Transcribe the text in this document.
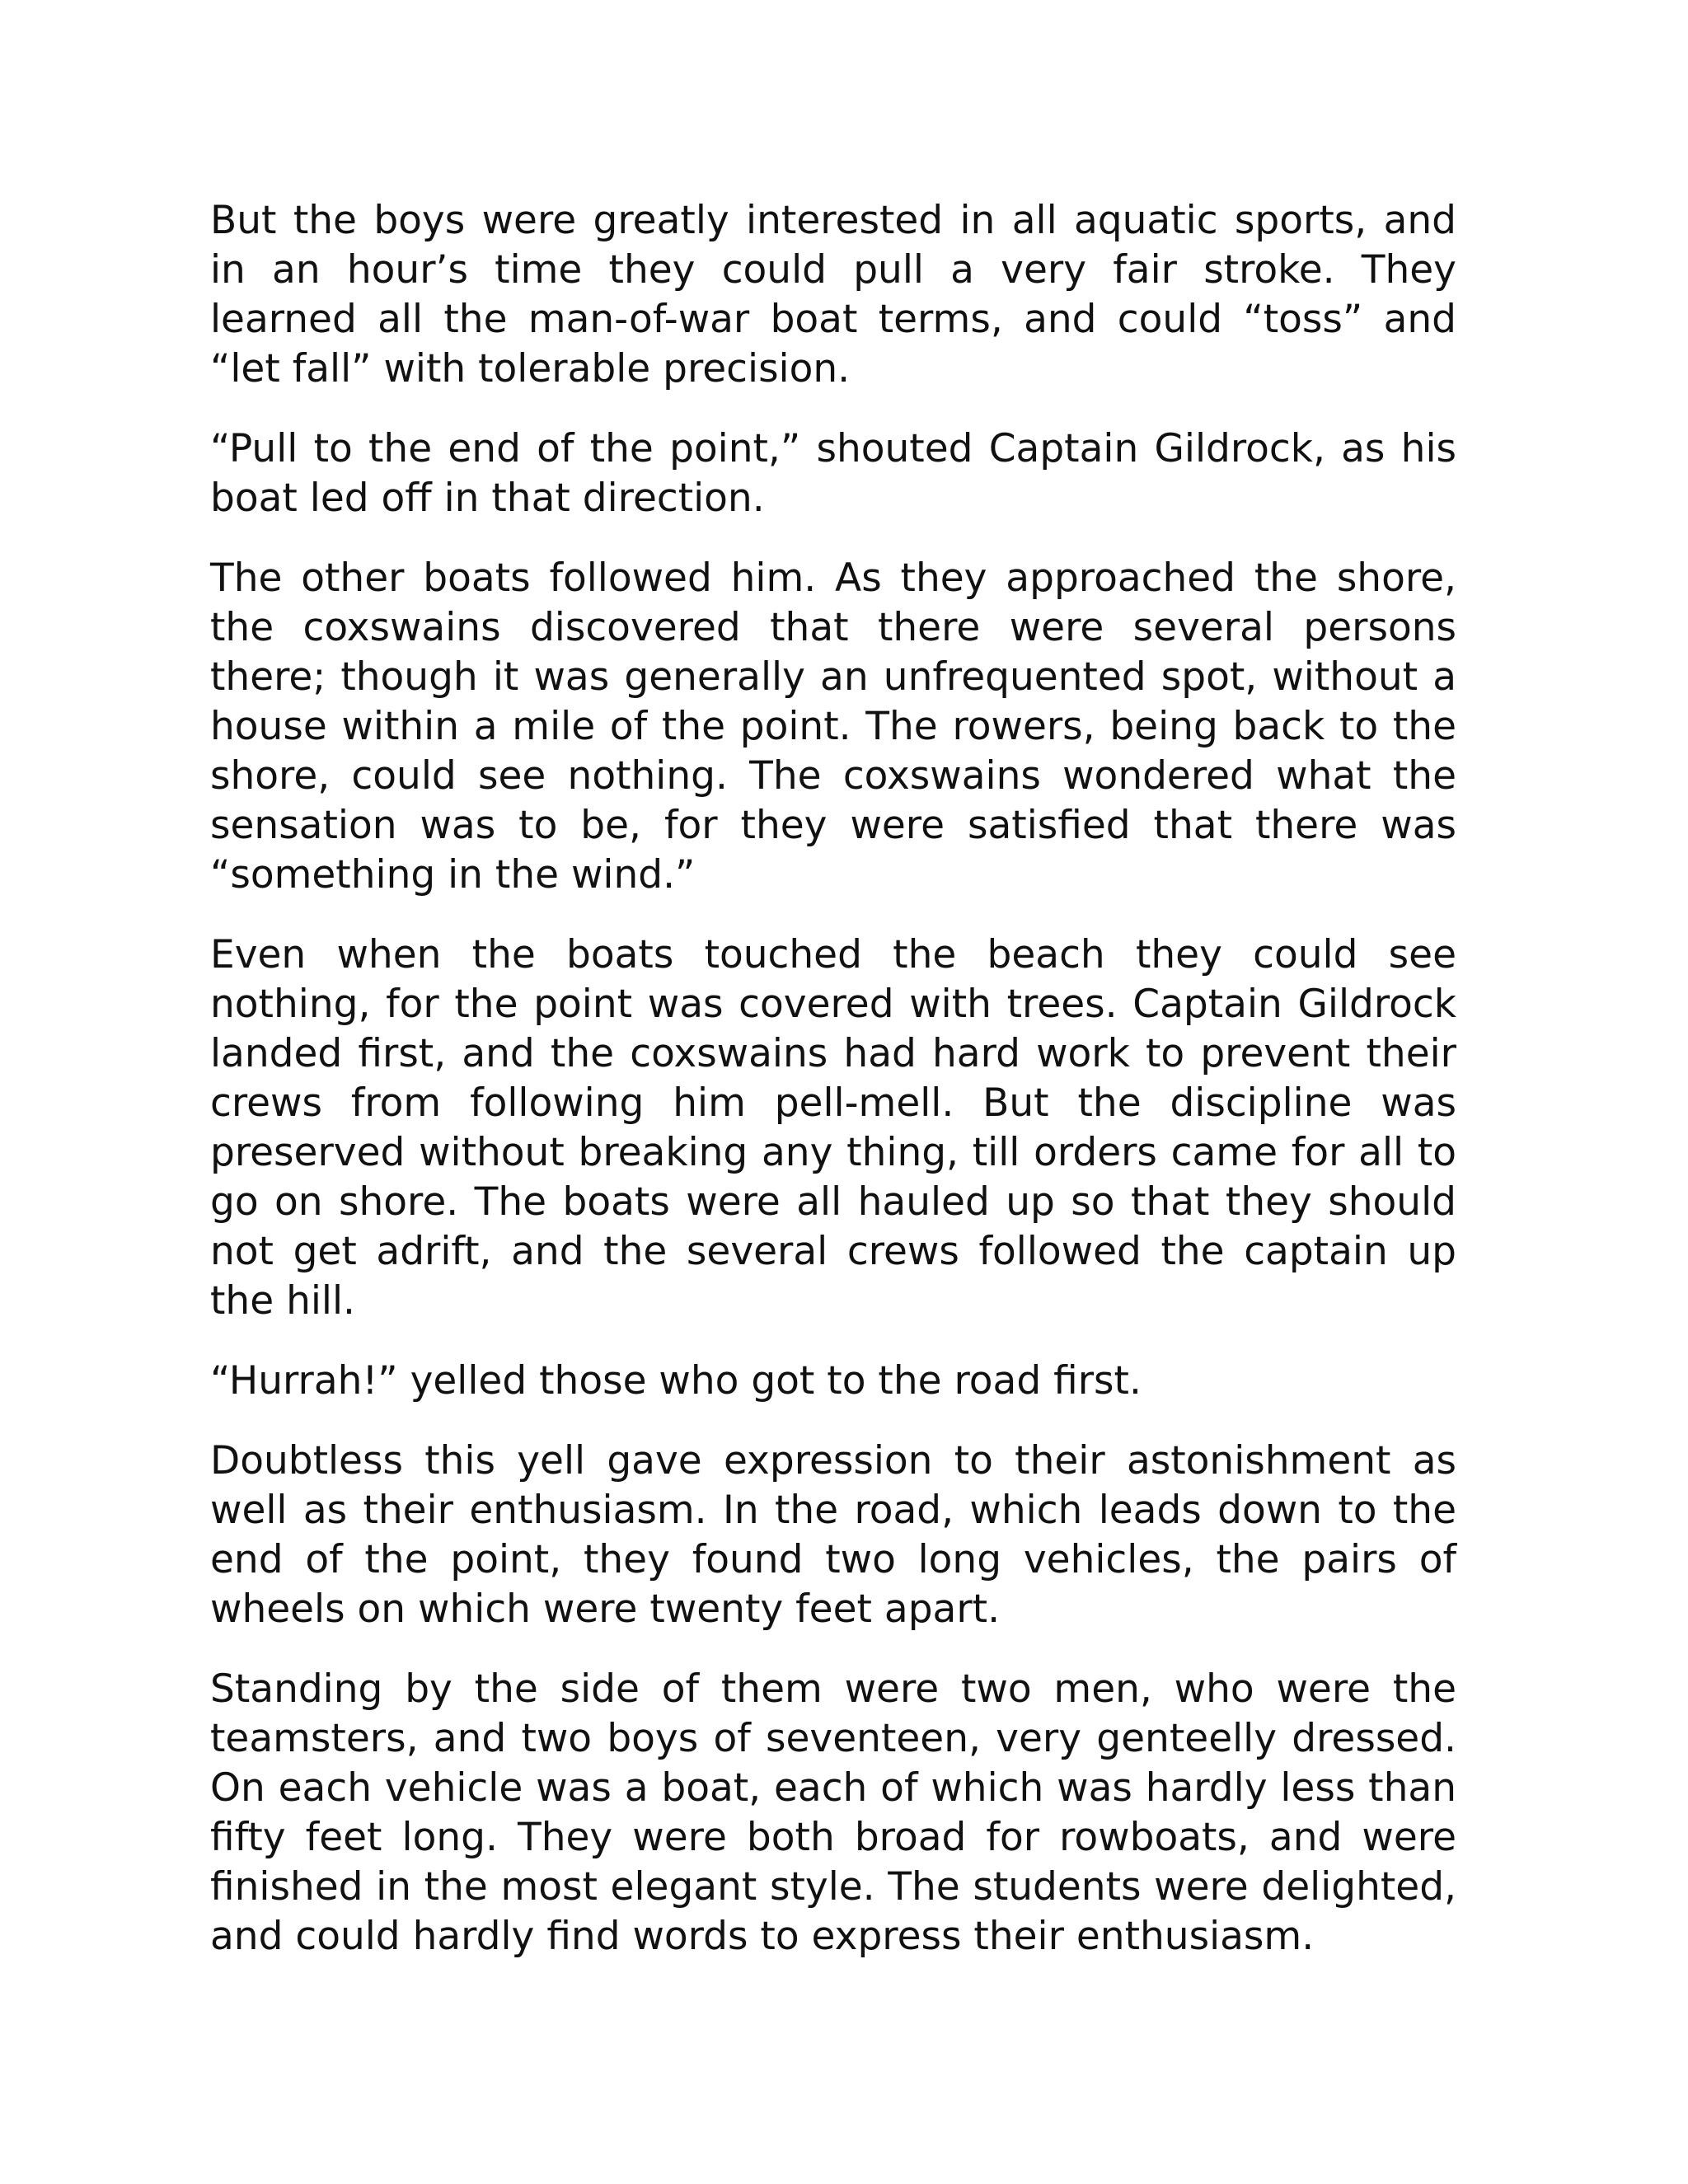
But the boys were greatly interested in all aquatic sports, and in an hour’s time they could pull a very fair stroke. They learned all the man-of-war boat terms, and could “toss” and “let fall” with tolerable precision.

“Pull to the end of the point,” shouted Captain Gildrock, as his boat led off in that direction.

The other boats followed him. As they approached the shore, the coxswains discovered that there were several persons there; though it was generally an unfrequented spot, without a house within a mile of the point. The rowers, being back to the shore, could see nothing. The coxswains wondered what the sensation was to be, for they were satisfied that there was “something in the wind.”

Even when the boats touched the beach they could see nothing, for the point was covered with trees. Captain Gildrock landed first, and the coxswains had hard work to prevent their crews from following him pell-mell. But the discipline was preserved without breaking any thing, till orders came for all to go on shore. The boats were all hauled up so that they should not get adrift, and the several crews followed the captain up the hill.

“Hurrah!” yelled those who got to the road first.

Doubtless this yell gave expression to their astonishment as well as their enthusiasm. In the road, which leads down to the end of the point, they found two long vehicles, the pairs of wheels on which were twenty feet apart.

Standing by the side of them were two men, who were the teamsters, and two boys of seventeen, very genteelly dressed. On each vehicle was a boat, each of which was hardly less than fifty feet long. They were both broad for rowboats, and were finished in the most elegant style. The students were delighted, and could hardly find words to express their enthusiasm.
